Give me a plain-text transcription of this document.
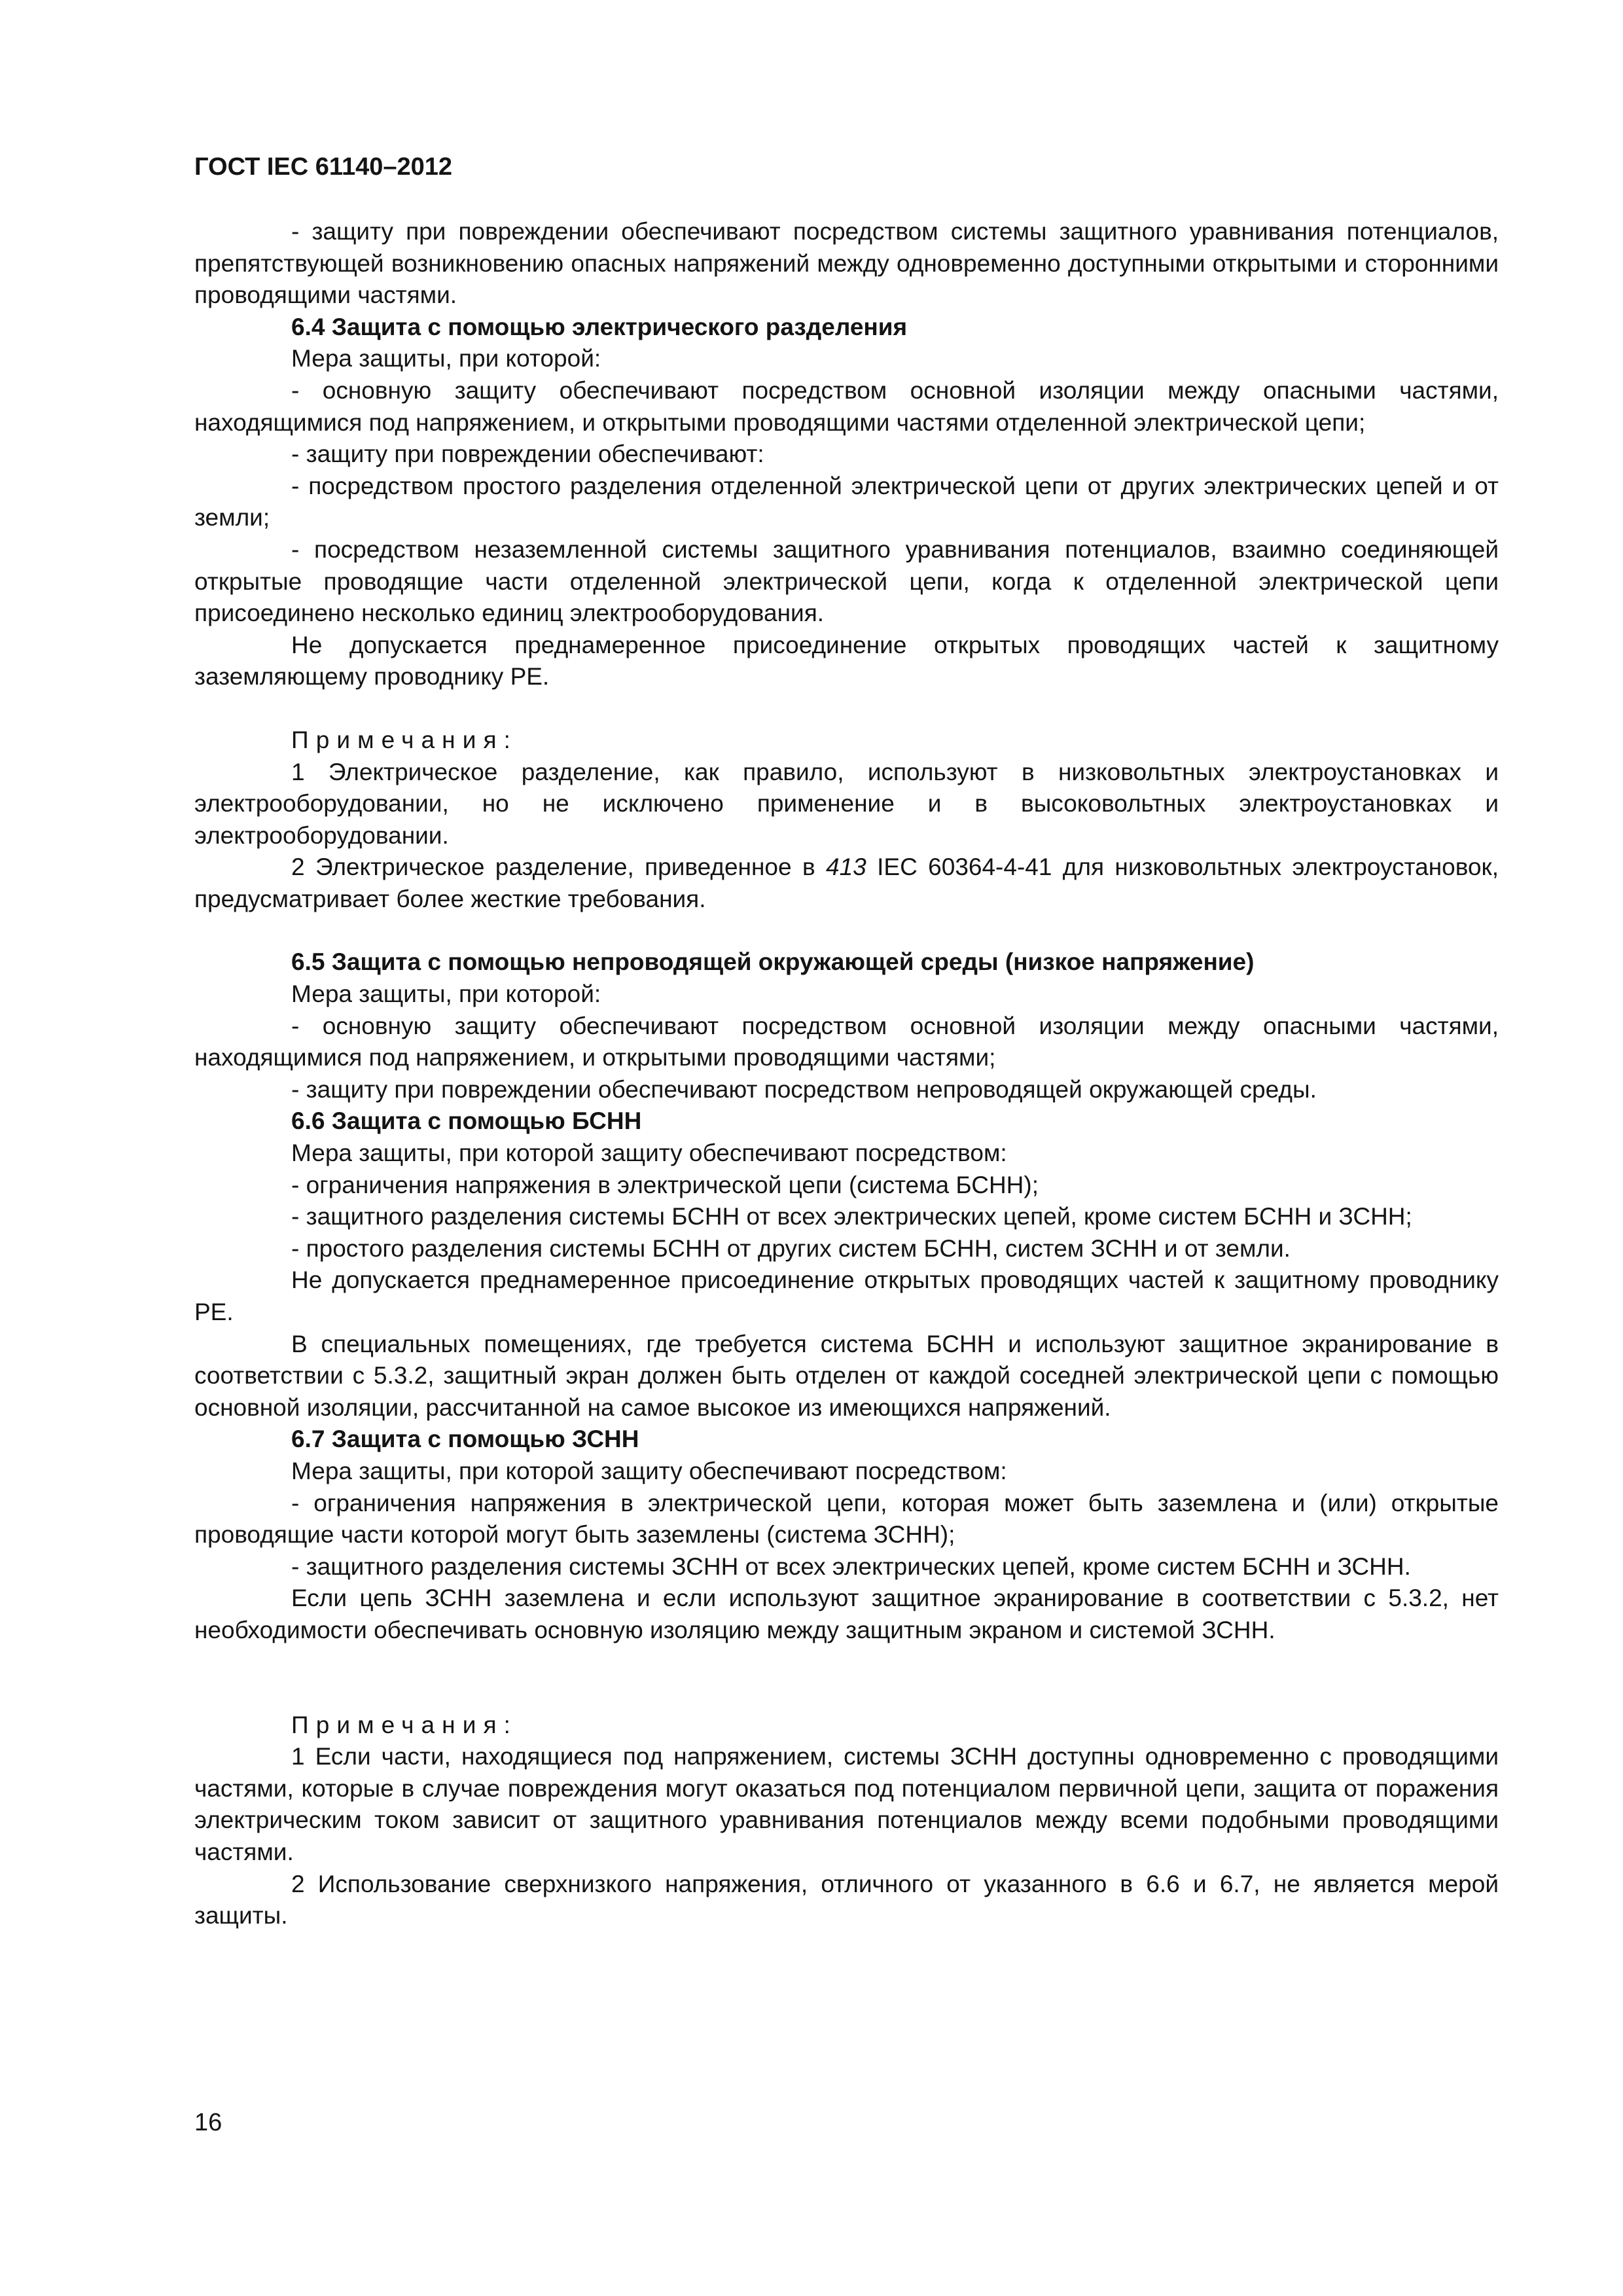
ГОСТ IEC 61140–2012

- защиту при повреждении обеспечивают посредством системы защитного уравнивания потенциалов, препятствующей возникновению опасных напряжений между одновременно доступными открытыми и сторонними проводящими частями.

6.4 Защита с помощью электрического разделения

Мера защиты, при которой:

- основную защиту обеспечивают посредством основной изоляции между опасными частями, находящимися под напряжением, и открытыми проводящими частями отделенной электрической цепи;

- защиту при повреждении обеспечивают:

- посредством простого разделения отделенной электрической цепи от других электрических цепей и от земли;

- посредством незаземленной системы защитного уравнивания потенциалов, взаимно соединяющей открытые проводящие части отделенной электрической цепи, когда к отделенной электрической цепи присоединено несколько единиц электрооборудования.

Не допускается преднамеренное присоединение открытых проводящих частей к защитному заземляющему проводнику PE.

Примечания:

1 Электрическое разделение, как правило, используют в низковольтных электроустановках и электрооборудовании, но не исключено применение и в высоковольтных электроустановках и электрооборудовании.

2 Электрическое разделение, приведенное в 413 IEC 60364-4-41 для низковольтных электроустановок, предусматривает более жесткие требования.

6.5 Защита с помощью непроводящей окружающей среды (низкое напряжение)

Мера защиты, при которой:

- основную защиту обеспечивают посредством основной изоляции между опасными частями, находящимися под напряжением, и открытыми проводящими частями;

- защиту при повреждении обеспечивают посредством непроводящей окружающей среды.

6.6 Защита с помощью БСНН

Мера защиты, при которой защиту обеспечивают посредством:

- ограничения напряжения в электрической цепи (система БСНН);

- защитного разделения системы БСНН от всех электрических цепей, кроме систем БСНН и ЗСНН;

- простого разделения системы БСНН от других систем БСНН, систем ЗСНН и от земли.

Не допускается преднамеренное присоединение открытых проводящих частей к защитному проводнику PE.

В специальных помещениях, где требуется система БСНН и используют защитное экранирование в соответствии с 5.3.2, защитный экран должен быть отделен от каждой соседней электрической цепи с помощью основной изоляции, рассчитанной на самое высокое из имеющихся напряжений.

6.7 Защита с помощью ЗСНН

Мера защиты, при которой защиту обеспечивают посредством:

- ограничения напряжения в электрической цепи, которая может быть заземлена и (или) открытые проводящие части которой могут быть заземлены (система ЗСНН);

- защитного разделения системы ЗСНН от всех электрических цепей, кроме систем БСНН и ЗСНН.

Если цепь ЗСНН заземлена и если используют защитное экранирование в соответствии с 5.3.2, нет необходимости обеспечивать основную изоляцию между защитным экраном и системой ЗСНН.

Примечания:

1 Если части, находящиеся под напряжением, системы ЗСНН доступны одновременно с проводящими частями, которые в случае повреждения могут оказаться под потенциалом первичной цепи, защита от поражения электрическим током зависит от защитного уравнивания потенциалов между всеми подобными проводящими частями.

2 Использование сверхнизкого напряжения, отличного от указанного в 6.6 и 6.7, не является мерой защиты.

16
